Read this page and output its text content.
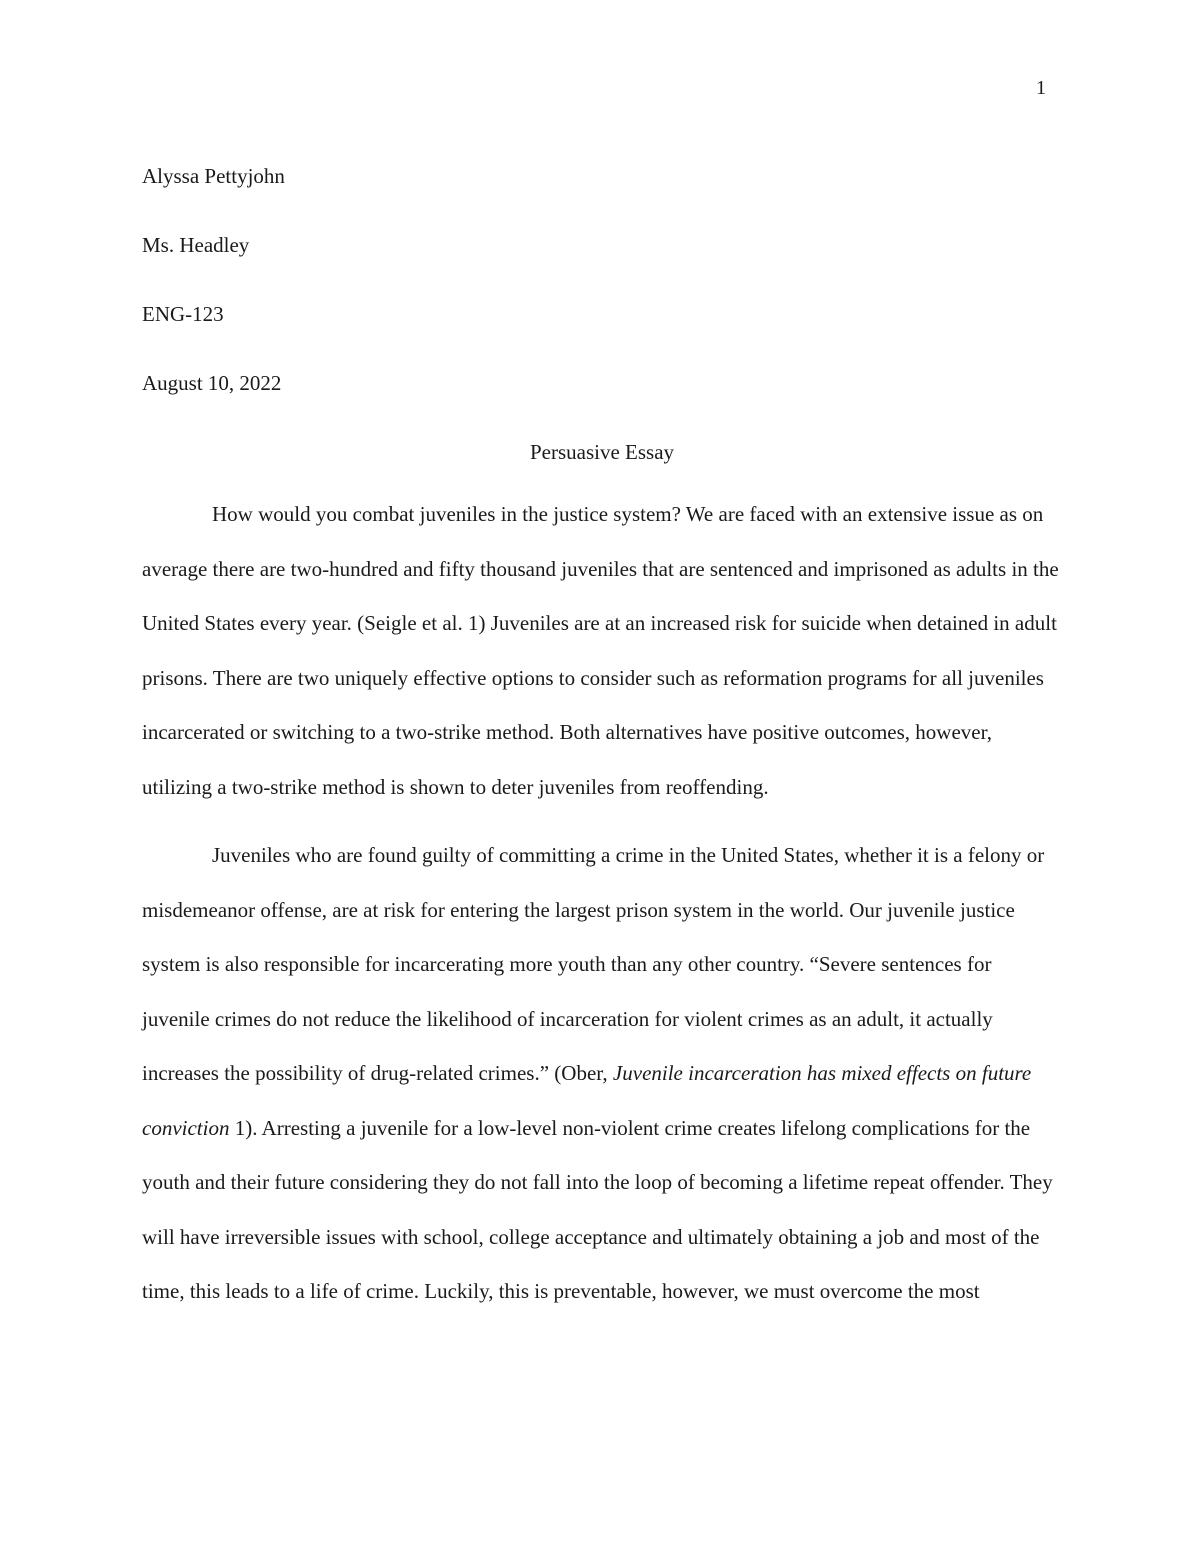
1

Alyssa Pettyjohn

Ms. Headley

ENG-123

August 10, 2022

Persuasive Essay

How would you combat juveniles in the justice system? We are faced with an extensive issue as on average there are two-hundred and fifty thousand juveniles that are sentenced and imprisoned as adults in the United States every year. (Seigle et al. 1) Juveniles are at an increased risk for suicide when detained in adult prisons. There are two uniquely effective options to consider such as reformation programs for all juveniles incarcerated or switching to a two-strike method. Both alternatives have positive outcomes, however, utilizing a two-strike method is shown to deter juveniles from reoffending.

Juveniles who are found guilty of committing a crime in the United States, whether it is a felony or misdemeanor offense, are at risk for entering the largest prison system in the world. Our juvenile justice system is also responsible for incarcerating more youth than any other country. “Severe sentences for juvenile crimes do not reduce the likelihood of incarceration for violent crimes as an adult, it actually increases the possibility of drug-related crimes.” (Ober, Juvenile incarceration has mixed effects on future conviction 1). Arresting a juvenile for a low-level non-violent crime creates lifelong complications for the youth and their future considering they do not fall into the loop of becoming a lifetime repeat offender. They will have irreversible issues with school, college acceptance and ultimately obtaining a job and most of the time, this leads to a life of crime. Luckily, this is preventable, however, we must overcome the most
